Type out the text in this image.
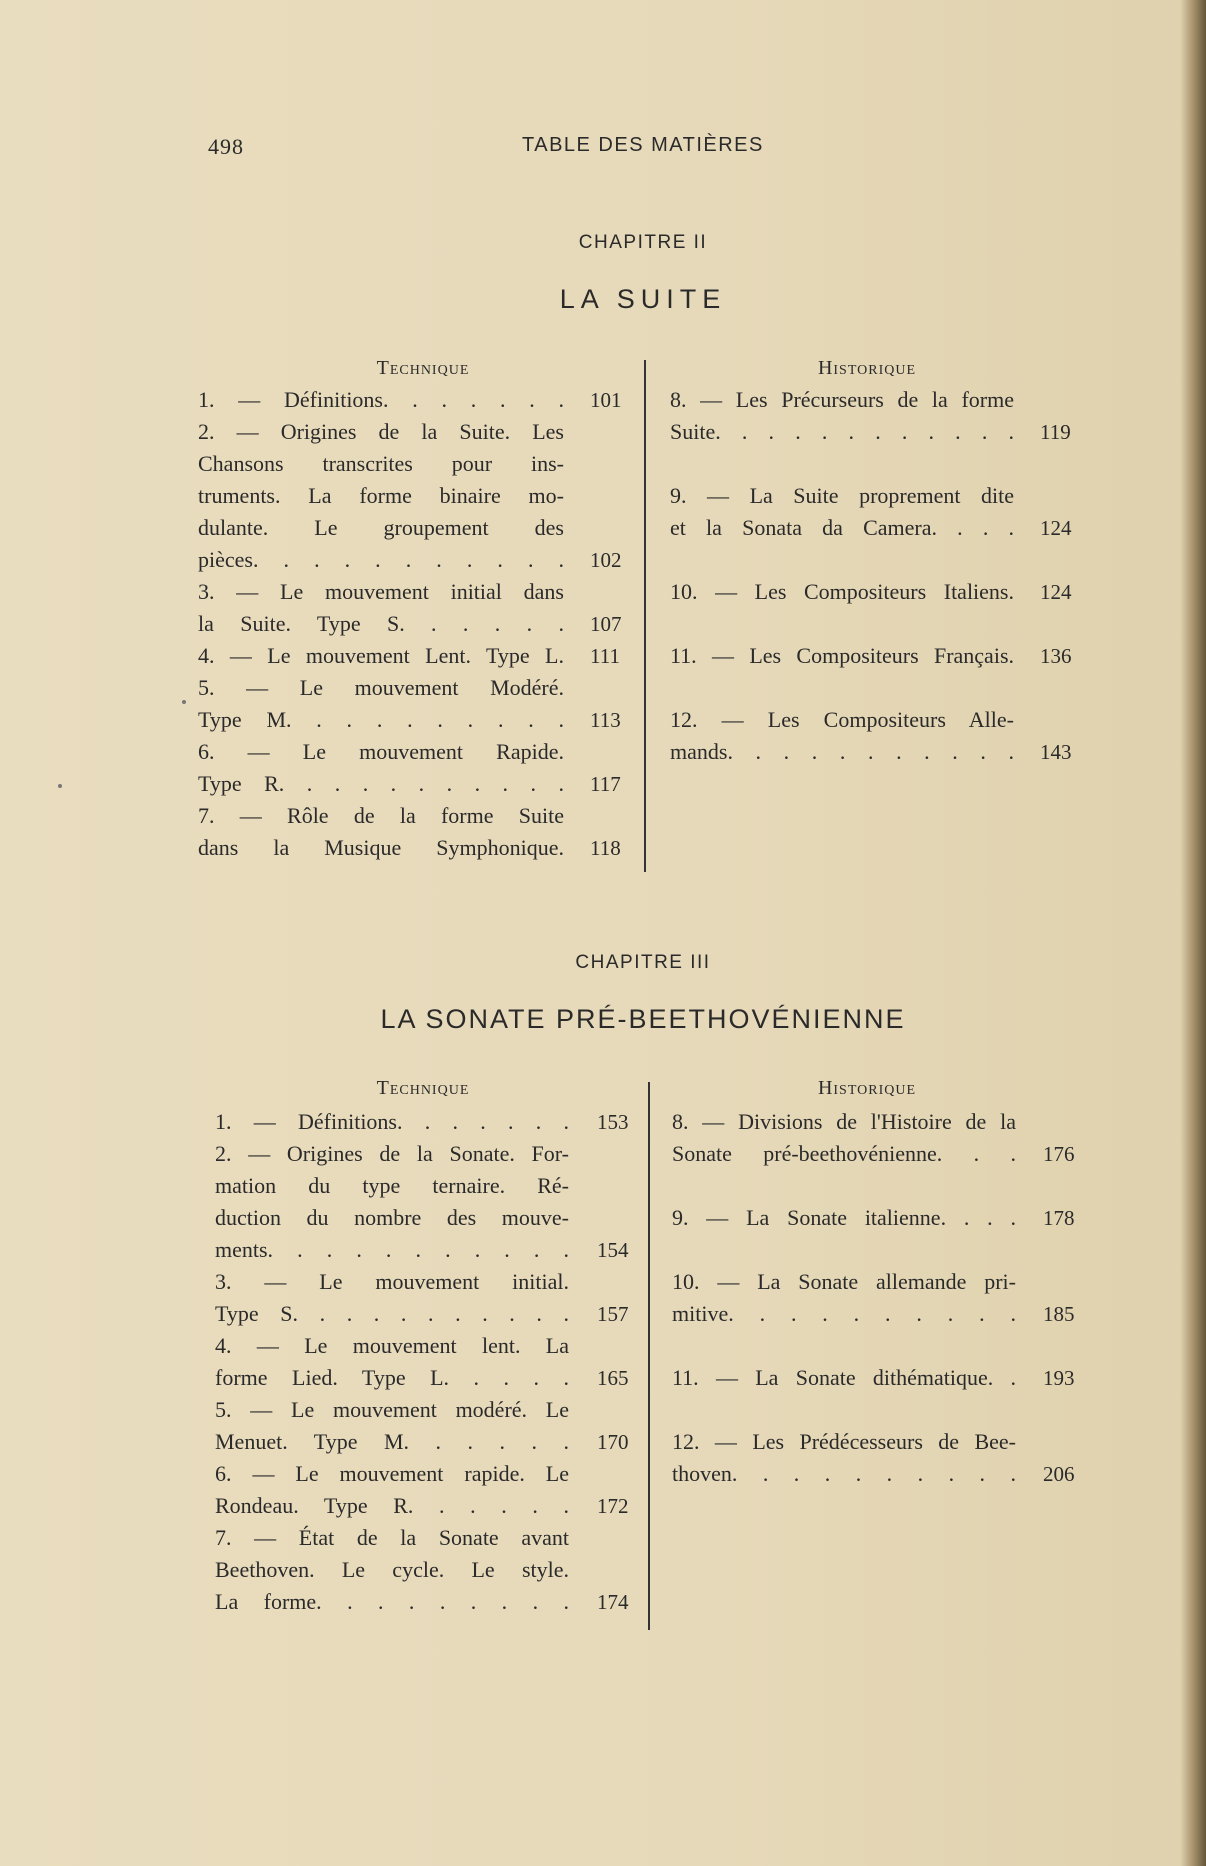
498	TABLE DES MATIÈRES
CHAPITRE II
LA SUITE
Technique	Historique
1. — Définitions. . . . . . . 101
2. — Origines de la Suite. Les
Chansons transcrites pour ins-
truments. La forme binaire mo-
dulante. Le groupement des
pièces. . . . . . . . . . . 102
3. — Le mouvement initial dans
la Suite. Type S. . . . . . 107
4. — Le mouvement Lent. Type L. 111
5. — Le mouvement Modéré.
Type M. . . . . . . . . . 113
6. — Le mouvement Rapide.
Type R. . . . . . . . . . . 117
7. — Rôle de la forme Suite
dans la Musique Symphonique. 118
8. — Les Précurseurs de la forme
Suite. . . . . . . . . . . . 119
9. — La Suite proprement dite
et la Sonata da Camera. . . . 124
10. — Les Compositeurs Italiens. 124
11. — Les Compositeurs Français. 136
12. — Les Compositeurs Alle-
mands. . . . . . . . . . . 143
CHAPITRE III
LA SONATE PRÉ-BEETHOVÉNIENNE
Technique	Historique
1. — Définitions. . . . . . . 153
2. — Origines de la Sonate. For-
mation du type ternaire. Ré-
duction du nombre des mouve-
ments. . . . . . . . . . . 154
3. — Le mouvement initial.
Type S. . . . . . . . . . . 157
4. — Le mouvement lent. La
forme Lied. Type L. . . . . 165
5. — Le mouvement modéré. Le
Menuet. Type M. . . . . . 170
6. — Le mouvement rapide. Le
Rondeau. Type R. . . . . . 172
7. — État de la Sonate avant
Beethoven. Le cycle. Le style.
La forme. . . . . . . . . 174
8. — Divisions de l'Histoire de la
Sonate pré-beethovénienne. . . 176
9. — La Sonate italienne. . . . 178
10. — La Sonate allemande pri-
mitive. . . . . . . . . . 185
11. — La Sonate dithématique. . 193
12. — Les Prédécesseurs de Bee-
thoven. . . . . . . . . . 206
